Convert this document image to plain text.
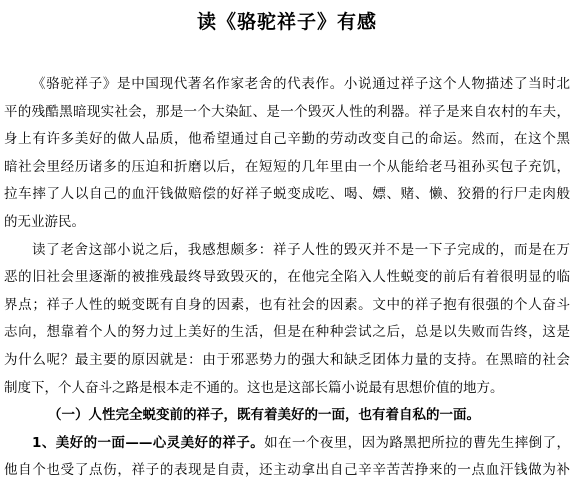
读《骆驼祥子》有感
《骆驼祥子》是中国现代著名作家老舍的代表作。小说通过祥子这个人物描述了当时北
平的残酷黑暗现实社会，那是一个大染缸、是一个毁灭人性的利器。祥子是来自农村的车夫，
身上有许多美好的做人品质，他希望通过自己辛勤的劳动改变自己的命运。然而，在这个黑
暗社会里经历诸多的压迫和折磨以后，在短短的几年里由一个从能给老马祖孙买包子充饥，
拉车摔了人以自己的血汗钱做赔偿的好祥子蜕变成吃、喝、嫖、赌、懒、狡猾的行尸走肉般
的无业游民。
读了老舍这部小说之后，我感想颇多：祥子人性的毁灭并不是一下子完成的，而是在万
恶的旧社会里逐渐的被推残最终导致毁灭的，在他完全陷入人性蜕变的前后有着很明显的临
界点；祥子人性的蜕变既有自身的因素，也有社会的因素。文中的祥子抱有很强的个人奋斗
志向，想靠着个人的努力过上美好的生活，但是在种种尝试之后，总是以失败而告终，这是
为什么呢？最主要的原因就是：由于邪恶势力的强大和缺乏团体力量的支持。在黑暗的社会
制度下，个人奋斗之路是根本走不通的。这也是这部长篇小说最有思想价值的地方。
（一）人性完全蜕变前的祥子，既有着美好的一面，也有着自私的一面。
1、美好的一面——心灵美好的祥子。如在一个夜里，因为路黑把所拉的曹先生摔倒了，
他自个也受了点伤，祥子的表现是自责，还主动拿出自己辛辛苦苦挣来的一点血汗钱做为补
